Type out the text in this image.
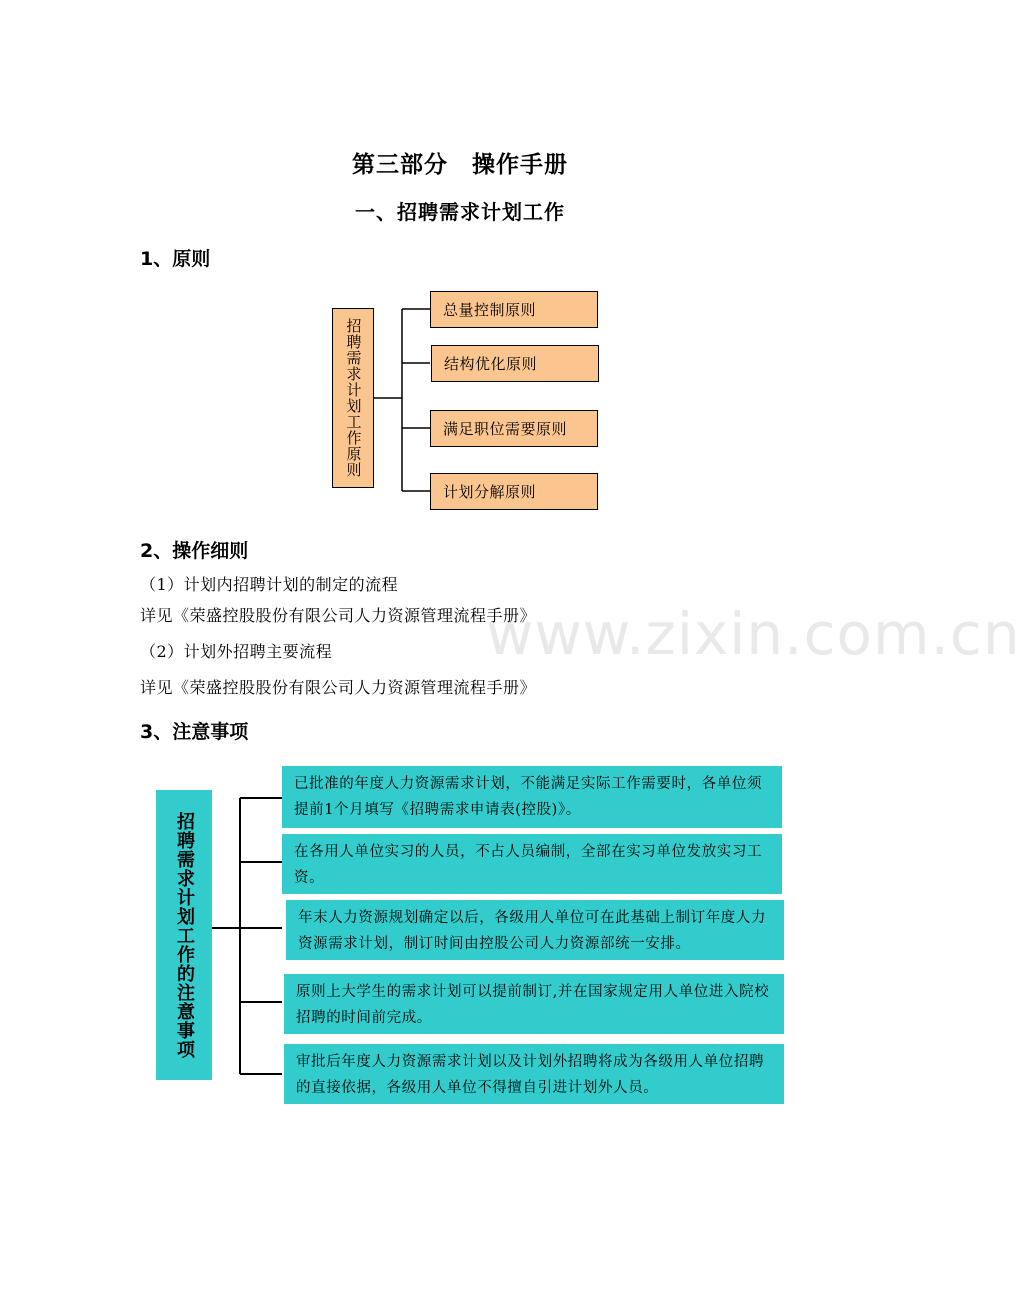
www.zixin.com.cn
第三部分　操作手册
一、招聘需求计划工作
1、原则
招聘需求计划工作原则
总量控制原则
结构优化原则
满足职位需要原则
计划分解原则
2、操作细则
（1）计划内招聘计划的制定的流程
详见《荣盛控股股份有限公司人力资源管理流程手册》
（2）计划外招聘主要流程
详见《荣盛控股股份有限公司人力资源管理流程手册》
3、注意事项
招聘需求计划工作的注意事项
已批准的年度人力资源需求计划，不能满足实际工作需要时，各单位须提前1个月填写《招聘需求申请表(控股)》。
在各用人单位实习的人员，不占人员编制，全部在实习单位发放实习工资。
年末人力资源规划确定以后，各级用人单位可在此基础上制订年度人力资源需求计划，制订时间由控股公司人力资源部统一安排。
原则上大学生的需求计划可以提前制订,并在国家规定用人单位进入院校招聘的时间前完成。
审批后年度人力资源需求计划以及计划外招聘将成为各级用人单位招聘的直接依据，各级用人单位不得擅自引进计划外人员。
